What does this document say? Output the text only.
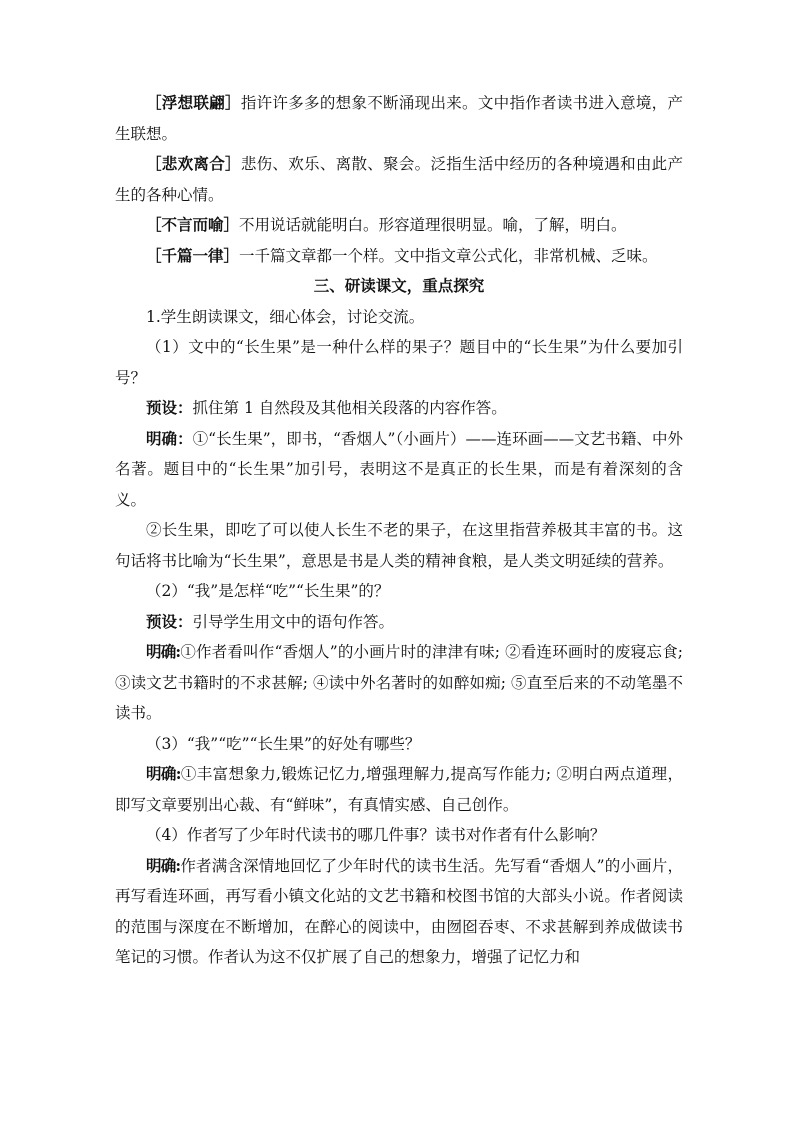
［浮想联翩］指许许多多的想象不断涌现出来。文中指作者读书进入意境，产生联想。

［悲欢离合］悲伤、欢乐、离散、聚会。泛指生活中经历的各种境遇和由此产生的各种心情。

［不言而喻］不用说话就能明白。形容道理很明显。喻，了解，明白。

［千篇一律］一千篇文章都一个样。文中指文章公式化，非常机械、乏味。

三、研读课文，重点探究

1.学生朗读课文，细心体会，讨论交流。

（1）文中的“长生果”是一种什么样的果子？题目中的“长生果”为什么要加引号？

预设：抓住第 1 自然段及其他相关段落的内容作答。

明确：①“长生果”，即书，“香烟人”（小画片）——连环画——文艺书籍、中外名著。题目中的“长生果”加引号，表明这不是真正的长生果，而是有着深刻的含义。

②长生果，即吃了可以使人长生不老的果子，在这里指营养极其丰富的书。这句话将书比喻为“长生果”，意思是书是人类的精神食粮，是人类文明延续的营养。

（2）“我”是怎样“吃”“长生果”的？

预设：引导学生用文中的语句作答。

明确:①作者看叫作“香烟人”的小画片时的津津有味; ②看连环画时的废寝忘食; ③读文艺书籍时的不求甚解; ④读中外名著时的如醉如痴; ⑤直至后来的不动笔墨不读书。

（3）“我”“吃”“长生果”的好处有哪些？

明确:①丰富想象力,锻炼记忆力,增强理解力,提高写作能力; ②明白两点道理，即写文章要别出心裁、有“鲜味”，有真情实感、自己创作。

（4）作者写了少年时代读书的哪几件事？读书对作者有什么影响？

明确:作者满含深情地回忆了少年时代的读书生活。先写看“香烟人”的小画片，再写看连环画，再写看小镇文化站的文艺书籍和校图书馆的大部头小说。作者阅读的范围与深度在不断增加，在醉心的阅读中，由囫囵吞枣、不求甚解到养成做读书笔记的习惯。作者认为这不仅扩展了自己的想象力，增强了记忆力和
